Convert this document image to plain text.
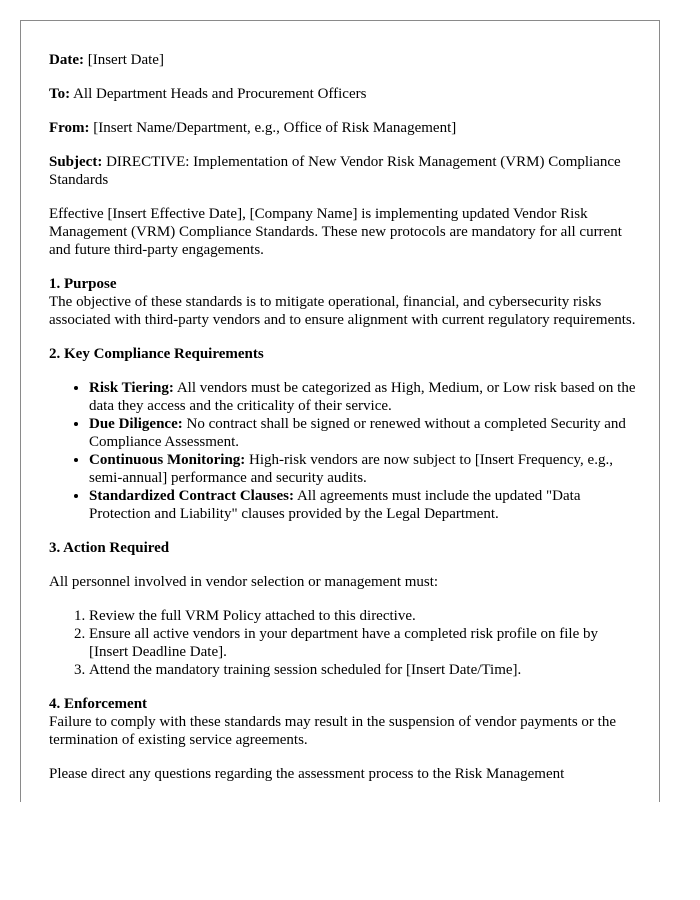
Date: [Insert Date]

To: All Department Heads and Procurement Officers

From: [Insert Name/Department, e.g., Office of Risk Management]

Subject: DIRECTIVE: Implementation of New Vendor Risk Management (VRM) Compliance Standards

Effective [Insert Effective Date], [Company Name] is implementing updated Vendor Risk Management (VRM) Compliance Standards. These new protocols are mandatory for all current and future third-party engagements.

1. Purpose
The objective of these standards is to mitigate operational, financial, and cybersecurity risks associated with third-party vendors and to ensure alignment with current regulatory requirements.

2. Key Compliance Requirements

• Risk Tiering: All vendors must be categorized as High, Medium, or Low risk based on the data they access and the criticality of their service.
• Due Diligence: No contract shall be signed or renewed without a completed Security and Compliance Assessment.
• Continuous Monitoring: High-risk vendors are now subject to [Insert Frequency, e.g., semi-annual] performance and security audits.
• Standardized Contract Clauses: All agreements must include the updated "Data Protection and Liability" clauses provided by the Legal Department.

3. Action Required

All personnel involved in vendor selection or management must:

1. Review the full VRM Policy attached to this directive.
2. Ensure all active vendors in your department have a completed risk profile on file by [Insert Deadline Date].
3. Attend the mandatory training session scheduled for [Insert Date/Time].

4. Enforcement
Failure to comply with these standards may result in the suspension of vendor payments or the termination of existing service agreements.

Please direct any questions regarding the assessment process to the Risk Management
